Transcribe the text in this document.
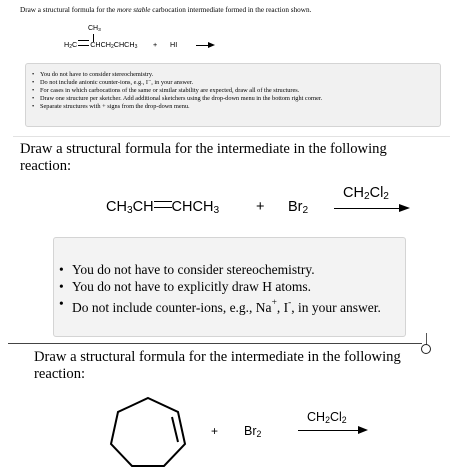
Draw a structural formula for the more stable carbocation intermediate formed in the reaction shown.
$CH_3$
$H_2C$ $CHCH_2CHCH_3$ + HI
• You do not have to consider stereochemistry.
• Do not include anionic counter-ions, e.g., I⁻, in your answer.
• For cases in which carbocations of the same or similar stability are expected, draw all of the structures.
• Draw one structure per sketcher. Add additional sketchers using the drop-down menu in the bottom right corner.
• Separate structures with + signs from the drop-down menu.
Draw a structural formula for the intermediate in the following reaction:
$CH_3CH$ $CHCH_3$	+ $Br_2$
$CH_2Cl_2$
• You do not have to consider stereochemistry.
• You do not have to explicitly draw H atoms.
• Do not include counter-ions, e.g., Na+, I-, in your answer.
Draw a structural formula for the intermediate in the following reaction:
+ $Br_2$
$CH_2Cl_2$
